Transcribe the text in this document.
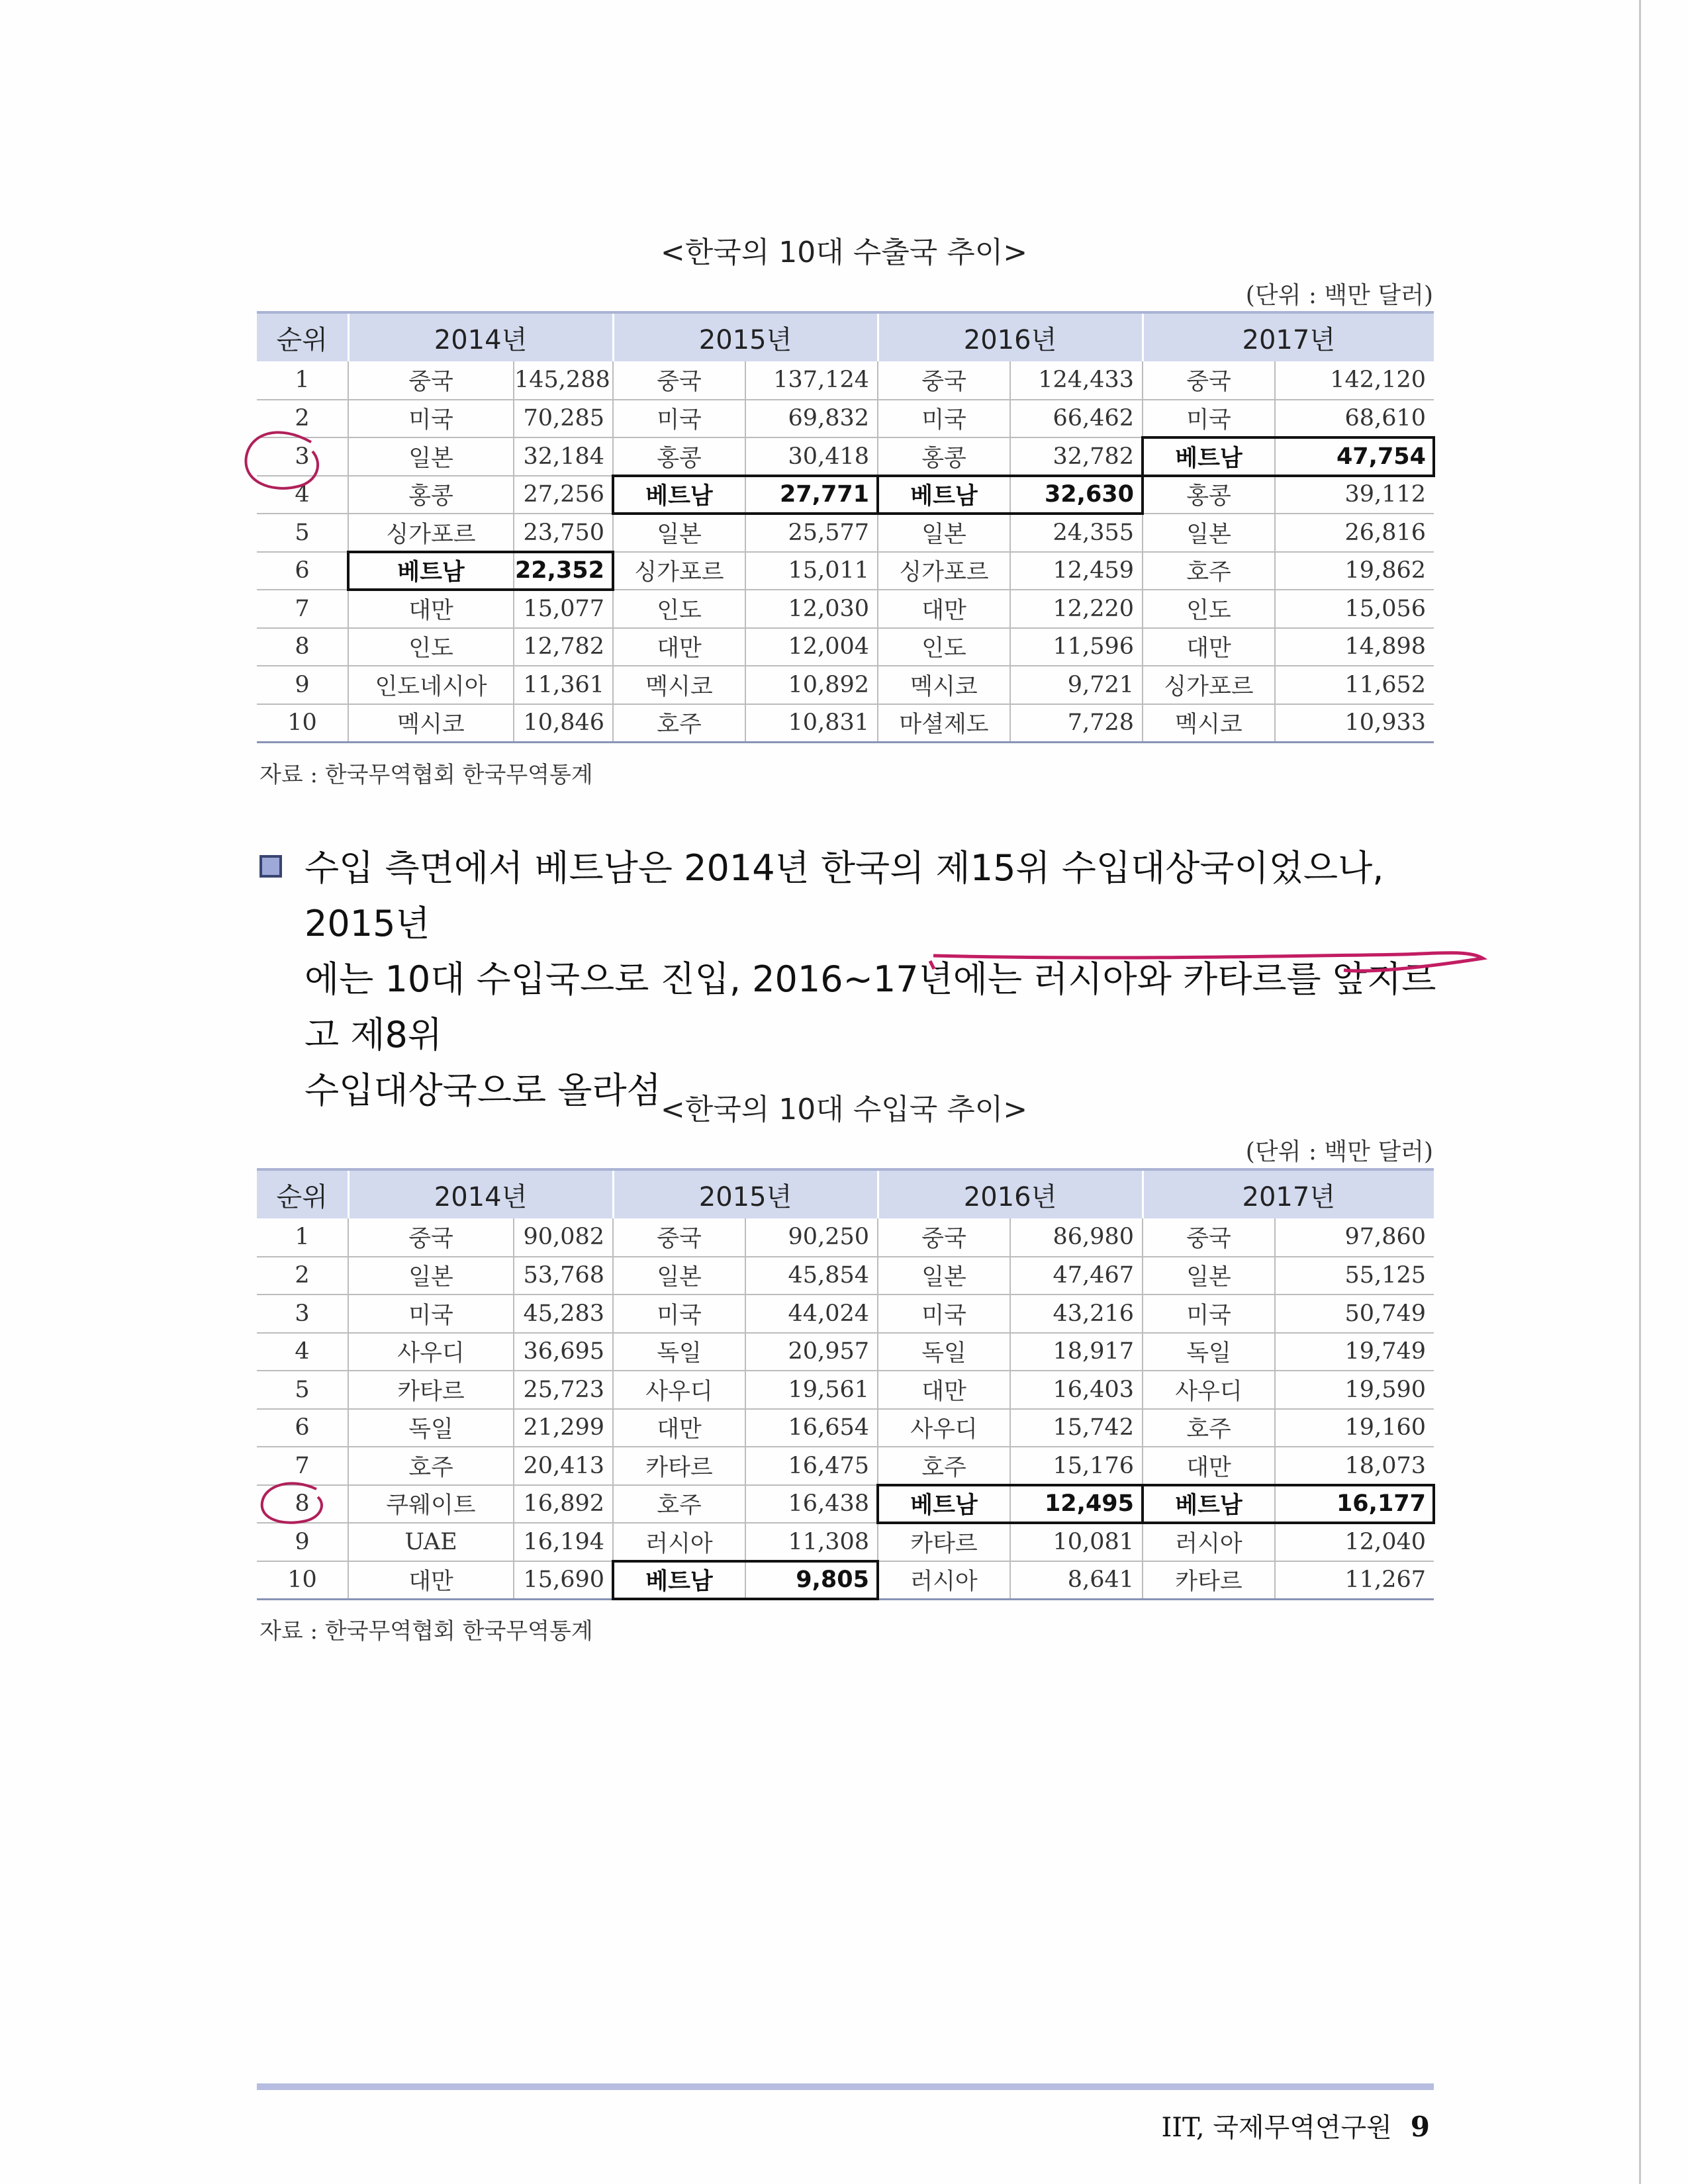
<한국의 10대 수출국 추이>
(단위 : 백만 달러)
순위	2014년		2015년		2016년		2017년	
1	중국	145,288	중국	137,124	중국	124,433	중국	142,120
2	미국	70,285	미국	69,832	미국	66,462	미국	68,610
3	일본	32,184	홍콩	30,418	홍콩	32,782	베트남	47,754
4	홍콩	27,256	베트남	27,771	베트남	32,630	홍콩	39,112
5	싱가포르	23,750	일본	25,577	일본	24,355	일본	26,816
6	베트남	22,352	싱가포르	15,011	싱가포르	12,459	호주	19,862
7	대만	15,077	인도	12,030	대만	12,220	인도	15,056
8	인도	12,782	대만	12,004	인도	11,596	대만	14,898
9	인도네시아	11,361	멕시코	10,892	멕시코	9,721	싱가포르	11,652
10	멕시코	10,846	호주	10,831	마셜제도	7,728	멕시코	10,933
자료 : 한국무역협회 한국무역통계

수입 측면에서 베트남은 2014년 한국의 제15위 수입대상국이었으나, 2015년

에는 10대 수입국으로 진입, 2016~17년에는 러시아와 카타르를 앞지르고 제8위

수입대상국으로 올라섬 <한국의 10대 수입국 추이>
(단위 : 백만 달러)
순위	2014년		2015년		2016년		2017년	
1	중국	90,082	중국	90,250	중국	86,980	중국	97,860
2	일본	53,768	일본	45,854	일본	47,467	일본	55,125
3	미국	45,283	미국	44,024	미국	43,216	미국	50,749
4	사우디	36,695	독일	20,957	독일	18,917	독일	19,749
5	카타르	25,723	사우디	19,561	대만	16,403	사우디	19,590
6	독일	21,299	대만	16,654	사우디	15,742	호주	19,160
7	호주	20,413	카타르	16,475	호주	15,176	대만	18,073
8	쿠웨이트	16,892	호주	16,438	베트남	12,495	베트남	16,177
9	UAE	16,194	러시아	11,308	카타르	10,081	러시아	12,040
10	대만	15,690	베트남	9,805	러시아	8,641	카타르	11,267
자료 : 한국무역협회 한국무역통계
IIT, 국제무역연구원 9
